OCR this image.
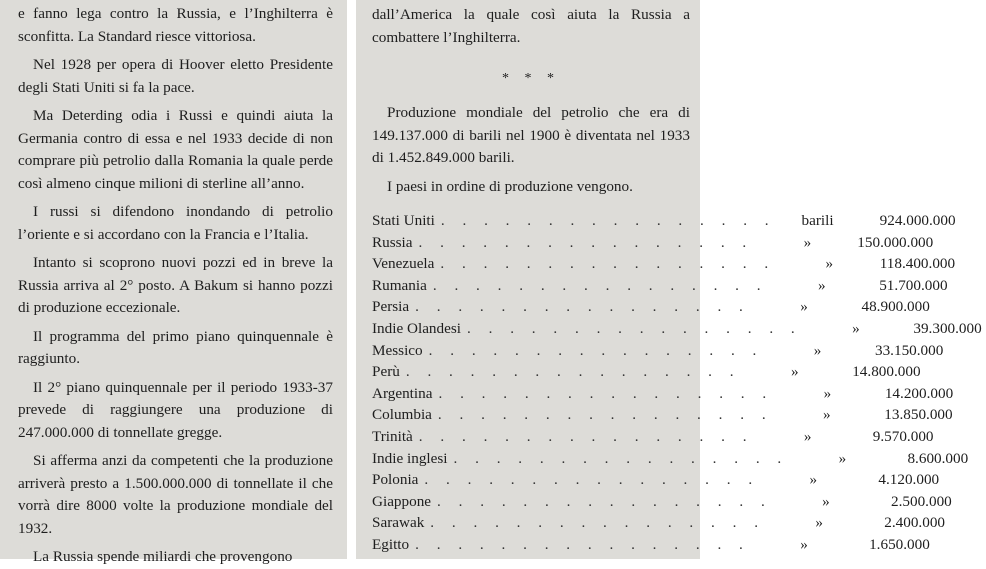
e fanno lega contro la Russia, e l’Inghilterra è sconfitta. La Standard riesce vittoriosa.

Nel 1928 per opera di Hoover eletto Presidente degli Stati Uniti si fa la pace.

Ma Deterding odia i Russi e quindi aiuta la Germania contro di essa e nel 1933 decide di non comprare più petrolio dalla Romania la quale perde così almeno cinque milioni di sterline all’anno.

I russi si difendono inondando di petrolio l’oriente e si accordano con la Francia e l’Italia.

Intanto si scoprono nuovi pozzi ed in breve la Russia arriva al 2° posto. A Bakum si hanno pozzi di produzione eccezionale.

Il programma del primo piano quinquennale è raggiunto.

Il 2° piano quinquennale per il periodo 1933-37 prevede di raggiungere una produzione di 247.000.000 di tonnellate gregge.

Si afferma anzi da competenti che la produzione arriverà presto a 1.500.000.000 di tonnellate il che vorrà dire 8000 volte la produzione mondiale del 1932.

La Russia spende miliardi che provengono

dall’America la quale così aiuta la Russia a combattere l’Inghilterra.

* * *

Produzione mondiale del petrolio che era di 149.137.000 di barili nel 1900 è diventata nel 1933 di 1.452.849.000 barili.

I paesi in ordine di produzione vengono.

Stati Uniti . . . . . . . . . . . . . . . .	barili	924.000.000
Russia . . . . . . . . . . . . . . . .	»	150.000.000
Venezuela . . . . . . . . . . . . . . . .	»	118.400.000
Rumania . . . . . . . . . . . . . . . .	»	51.700.000
Persia . . . . . . . . . . . . . . . .	»	48.900.000
Indie Olandesi . . . . . . . . . . . . . . . .	»	39.300.000
Messico . . . . . . . . . . . . . . . .	»	33.150.000
Perù . . . . . . . . . . . . . . . .	»	14.800.000
Argentina . . . . . . . . . . . . . . . .	»	14.200.000
Columbia . . . . . . . . . . . . . . . .	»	13.850.000
Trinità . . . . . . . . . . . . . . . .	»	9.570.000
Indie inglesi . . . . . . . . . . . . . . . .	»	8.600.000
Polonia . . . . . . . . . . . . . . . .	»	4.120.000
Giappone . . . . . . . . . . . . . . . .	»	2.500.000
Sarawak . . . . . . . . . . . . . . . .	»	2.400.000
Egitto . . . . . . . . . . . . . . . .	»	1.650.000
